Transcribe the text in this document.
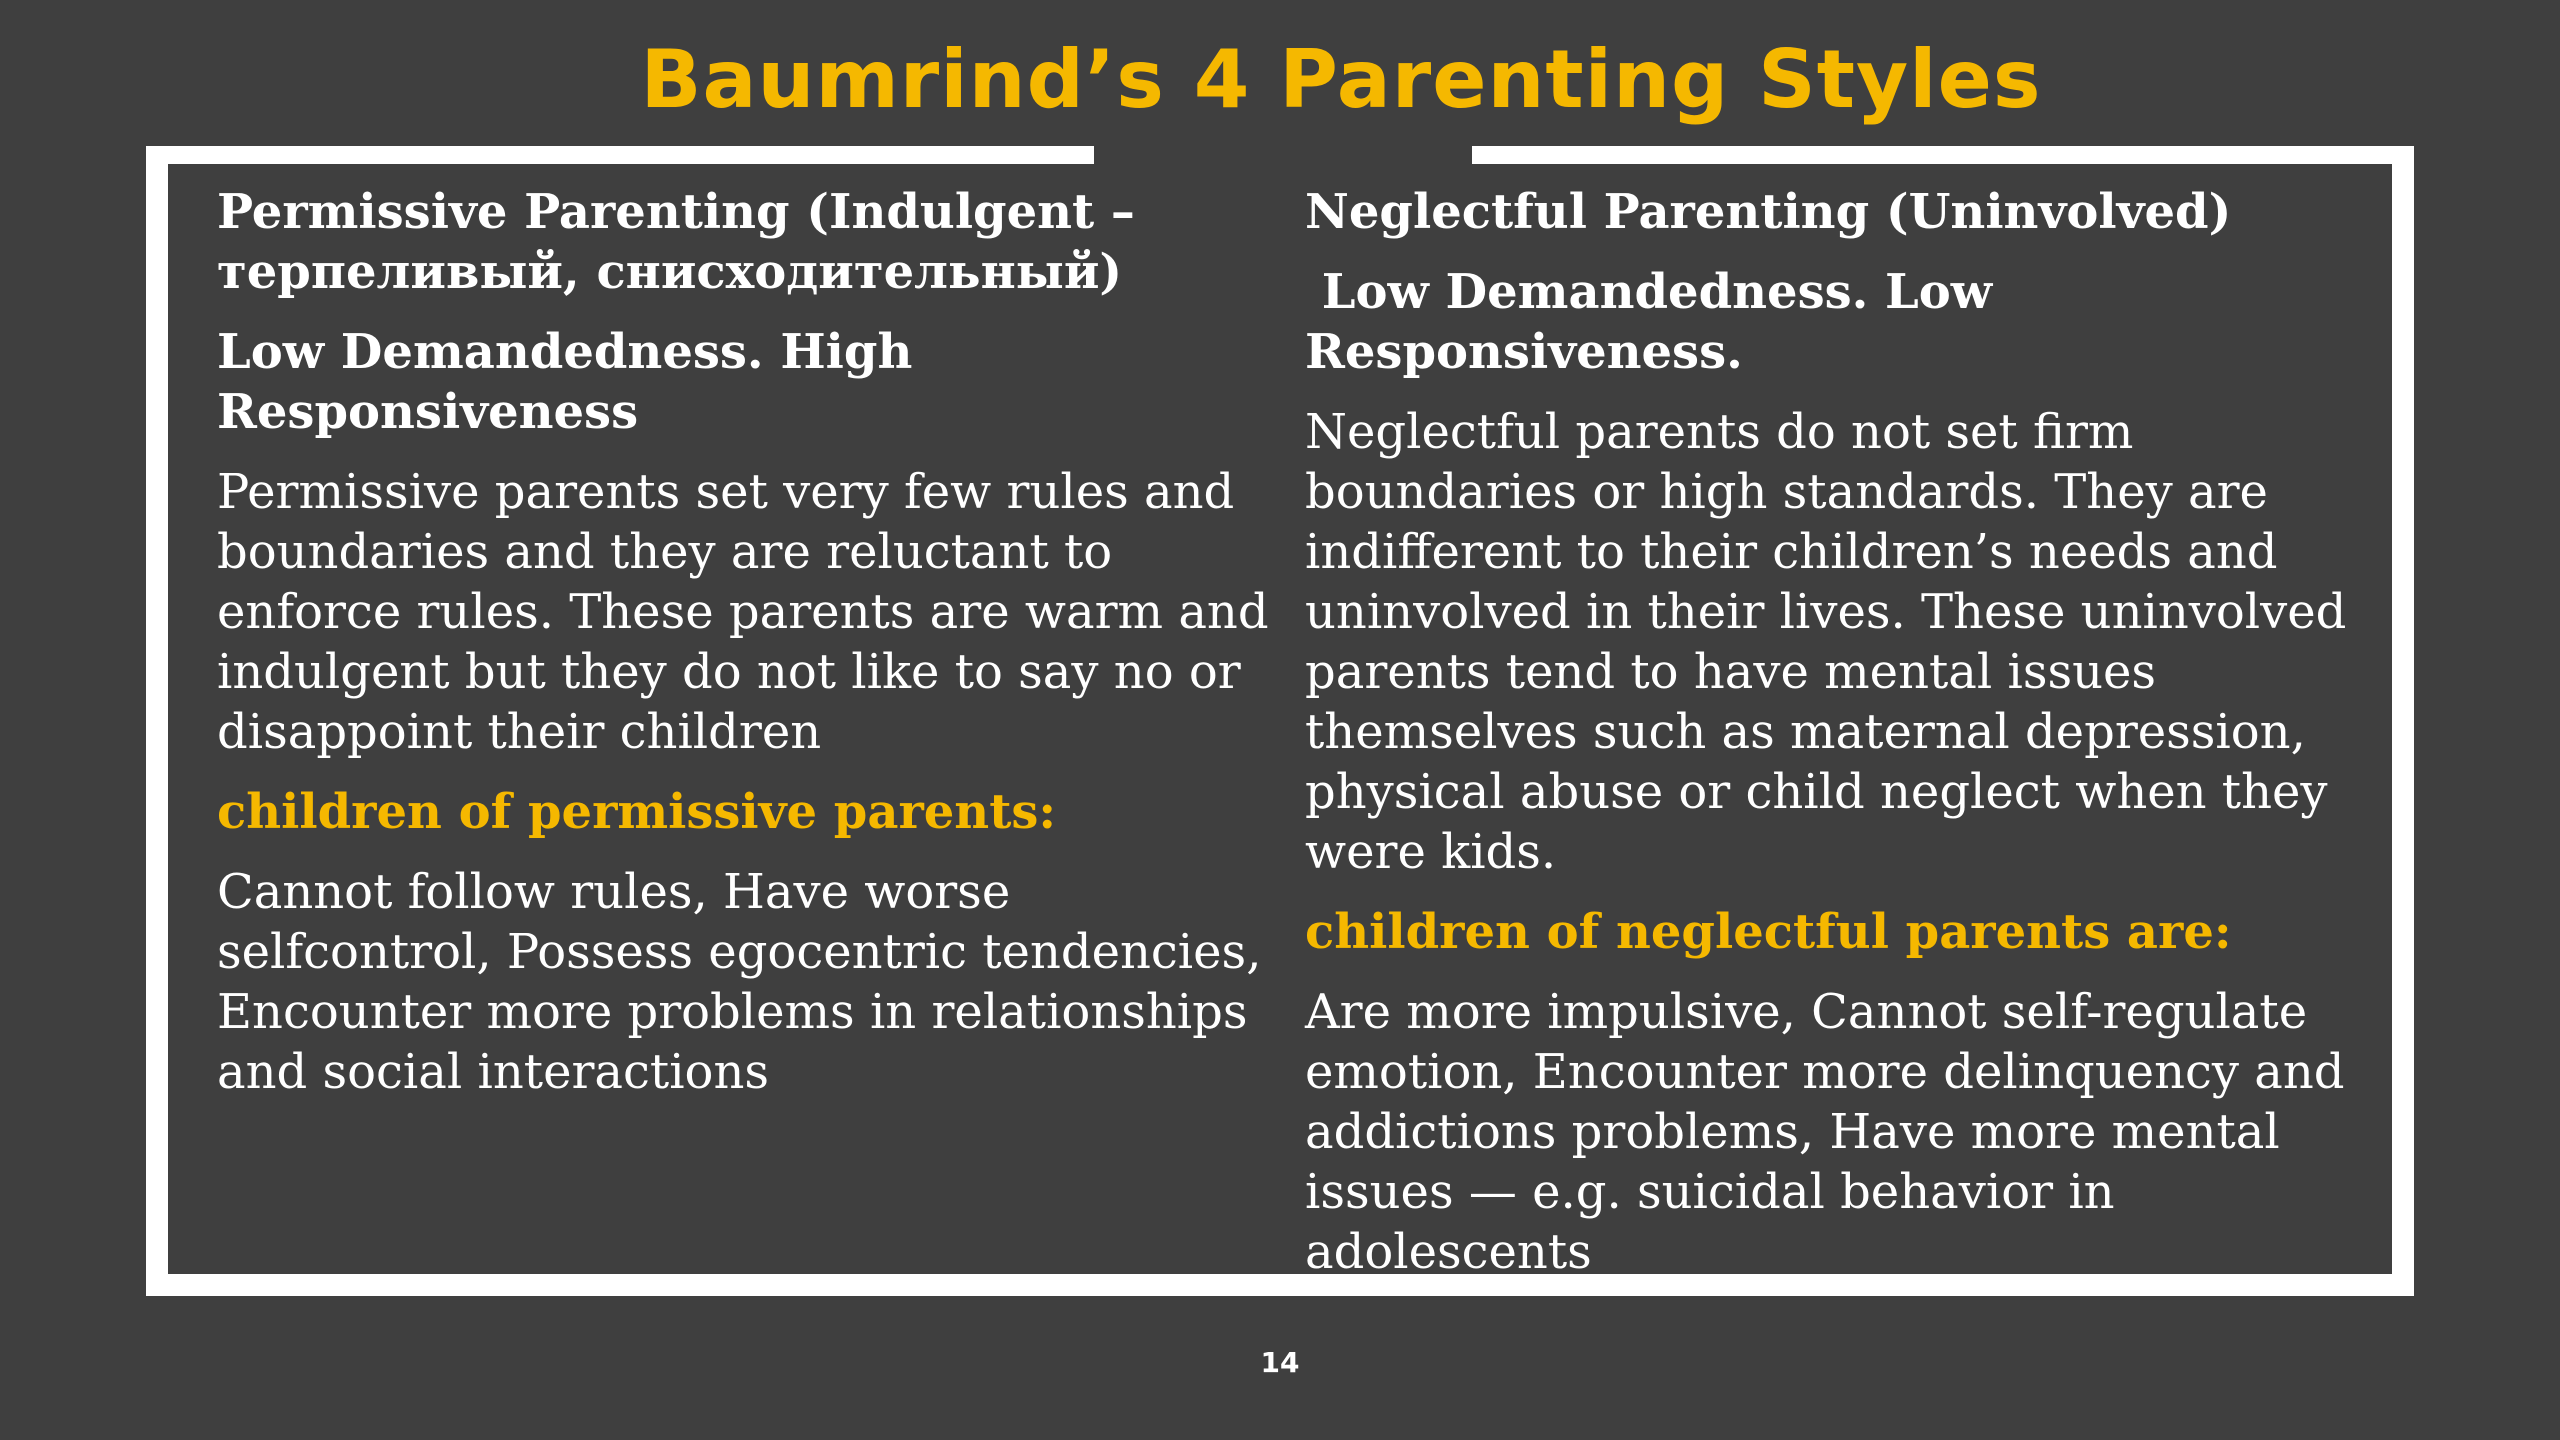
Baumrind’s 4 Parenting Styles

Permissive Parenting (Indulgent – терпеливый, снисходительный)

Low Demandedness. High Responsiveness

Permissive parents set very few rules and boundaries and they are reluctant to enforce rules. These parents are warm and indulgent but they do not like to say no or disappoint their children

children of permissive parents:

Cannot follow rules, Have worse selfcontrol, Possess egocentric tendencies, Encounter more problems in relationships and social interactions

Neglectful Parenting (Uninvolved)

Low Demandedness. Low Responsiveness.

Neglectful parents do not set firm boundaries or high standards. They are indifferent to their children’s needs and uninvolved in their lives. These uninvolved parents tend to have mental issues themselves such as maternal depression, physical abuse or child neglect when they were kids.

children of neglectful parents are:

Are more impulsive, Cannot self-regulate emotion, Encounter more delinquency and addictions problems, Have more mental issues — e.g. suicidal behavior in adolescents

14
